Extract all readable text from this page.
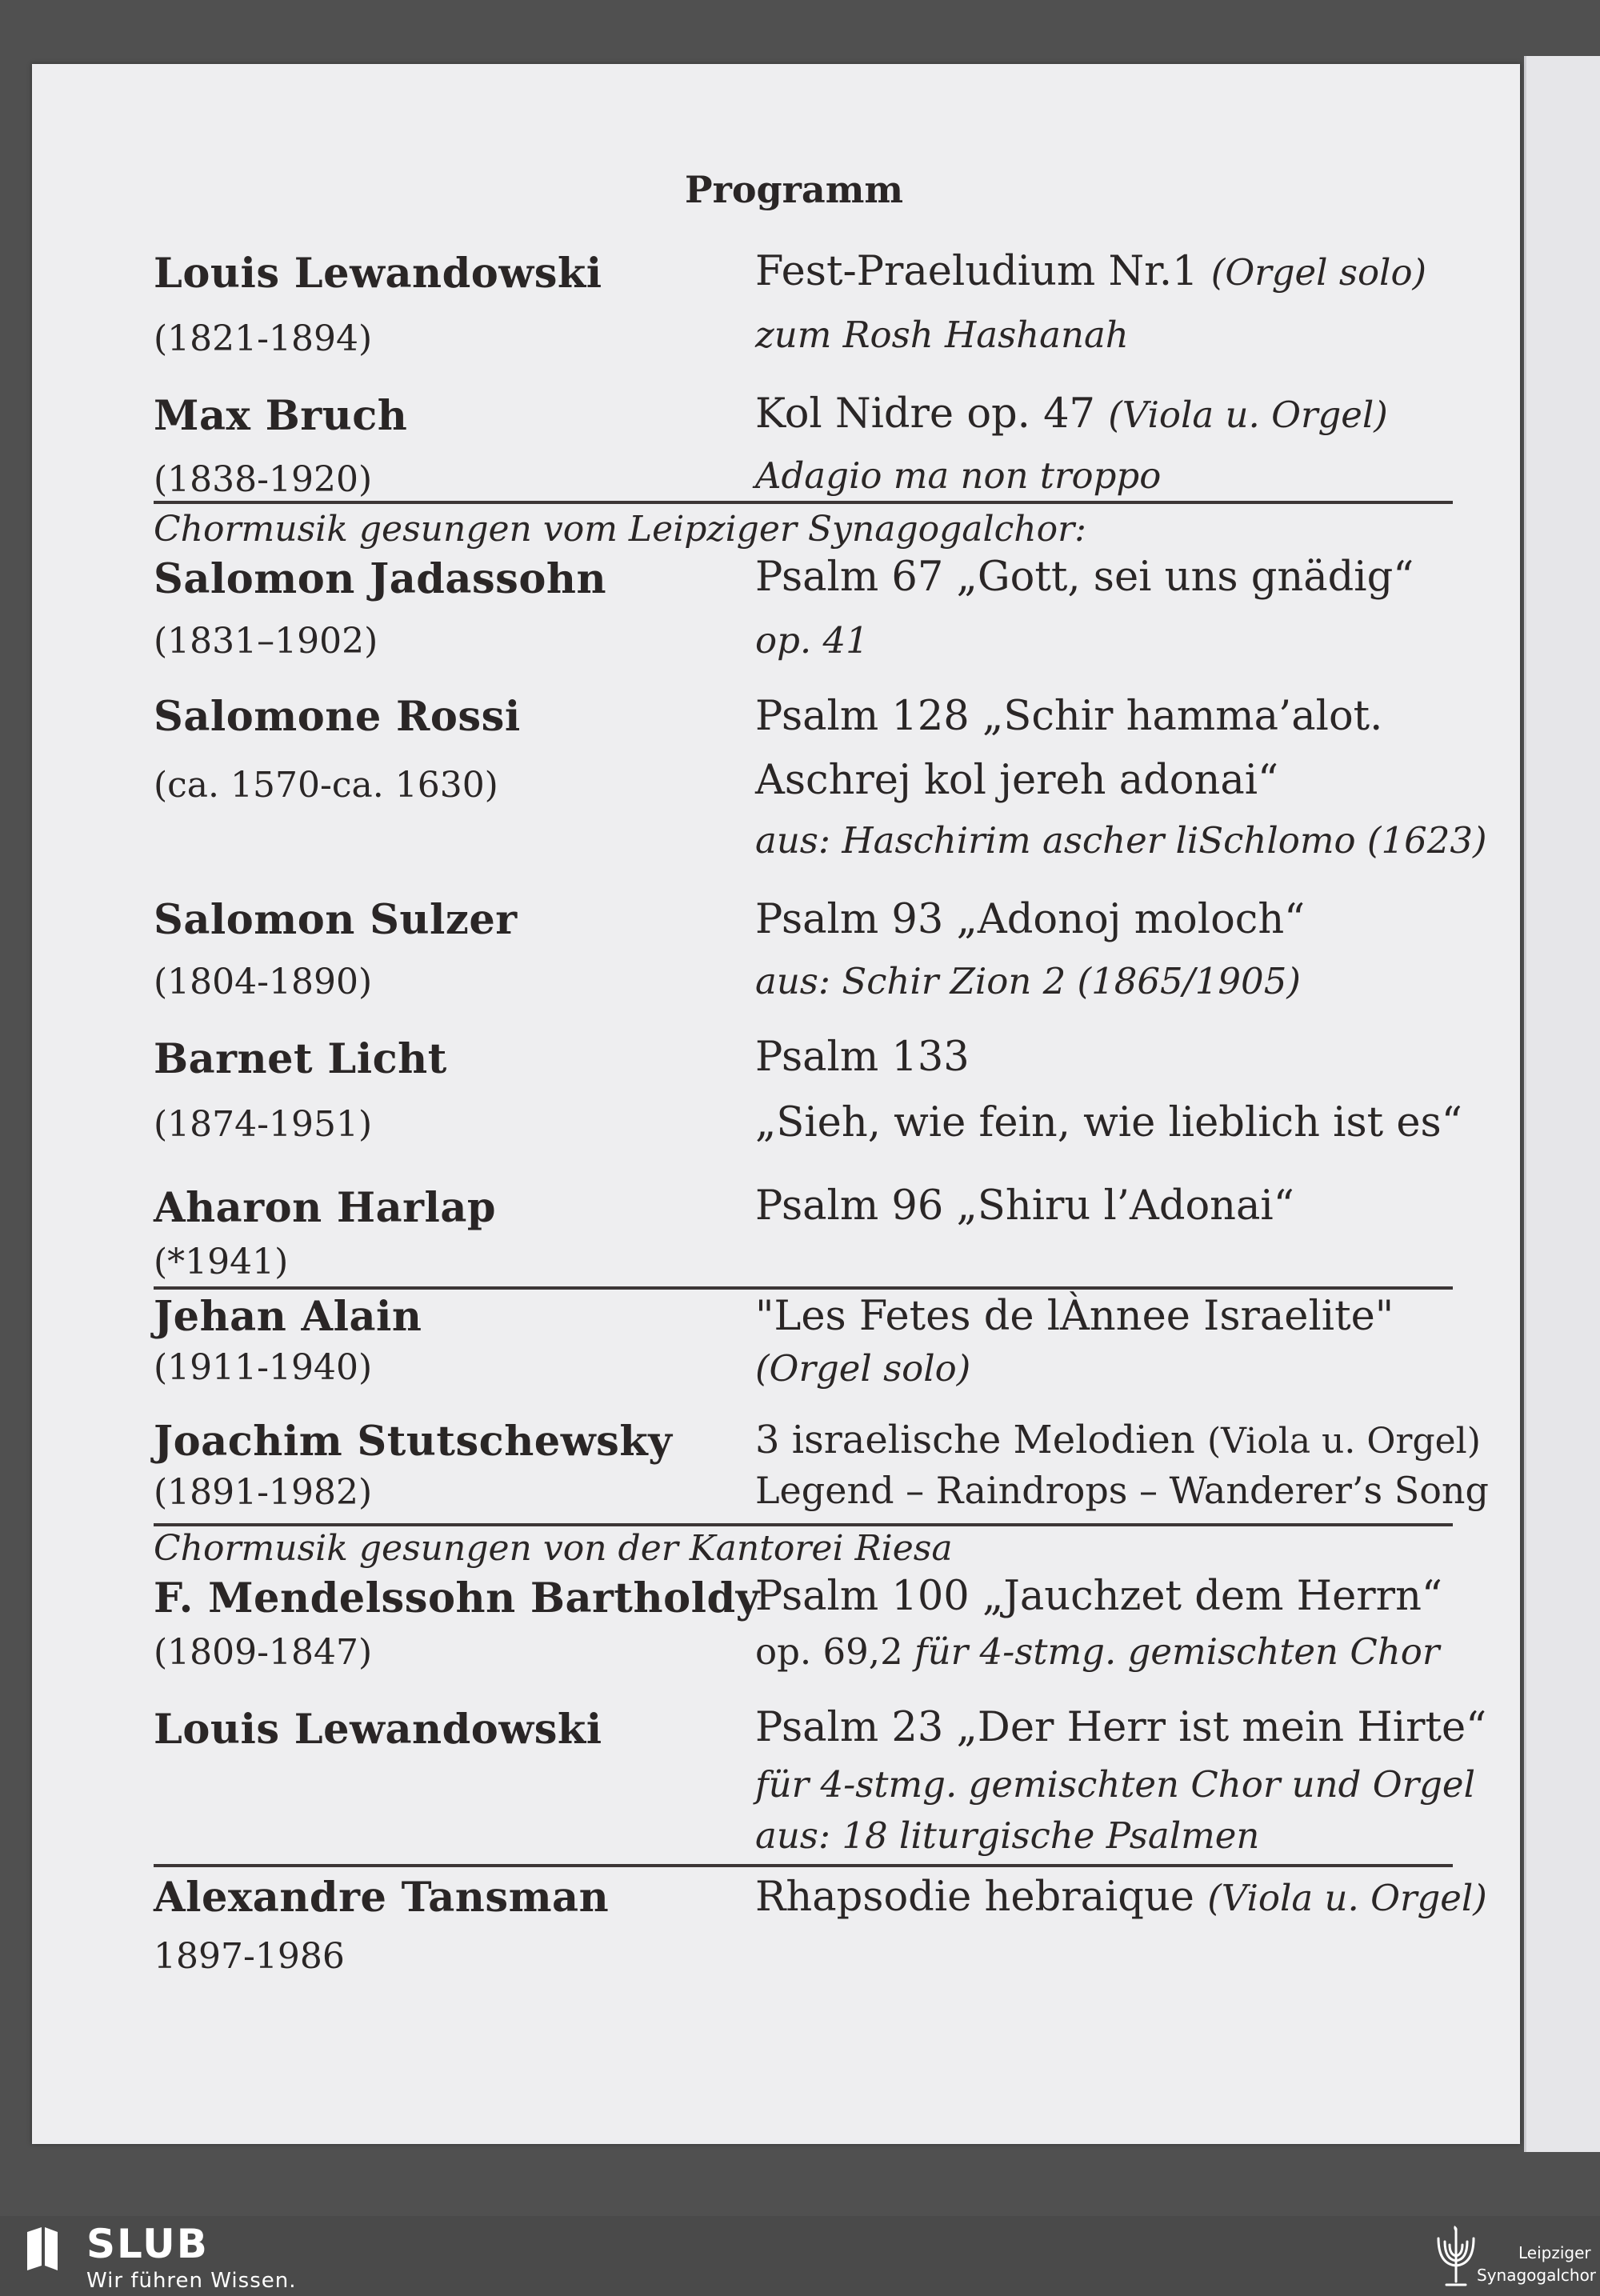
Programm
Louis Lewandowski
(1821-1894)
Fest-Praeludium Nr.1 (Orgel solo)
zum Rosh Hashanah
Max Bruch
(1838-1920)
Kol Nidre op. 47 (Viola u. Orgel)
Adagio ma non troppo
Chormusik gesungen vom Leipziger Synagogalchor:
Salomon Jadassohn
(1831–1902)
Psalm 67 „Gott, sei uns gnädig“
op. 41
Salomone Rossi
(ca. 1570-ca. 1630)
Psalm 128 „Schir hamma’alot.
Aschrej kol jereh adonai“
aus: Haschirim ascher liSchlomo (1623)
Salomon Sulzer
(1804-1890)
Psalm 93 „Adonoj moloch“
aus: Schir Zion 2 (1865/1905)
Barnet Licht
(1874-1951)
Psalm 133
„Sieh, wie fein, wie lieblich ist es“
Aharon Harlap
(*1941)
Psalm 96 „Shiru l’Adonai“
Jehan Alain
(1911-1940)
"Les Fetes de lÀnnee Israelite"
(Orgel solo)
Joachim Stutschewsky
(1891-1982)
3 israelische Melodien (Viola u. Orgel)
Legend – Raindrops – Wanderer’s Song
Chormusik gesungen von der Kantorei Riesa
F. Mendelssohn Bartholdy
(1809-1847)
Psalm 100 „Jauchzet dem Herrn“
op. 69,2 für 4-stmg. gemischten Chor
Louis Lewandowski	Psalm 23 „Der Herr ist mein Hirte“
für 4-stmg. gemischten Chor und Orgel
aus: 18 liturgische Psalmen
Alexandre Tansman
1897-1986
Rhapsodie hebraique (Viola u. Orgel)
SLUB
Wir führen Wissen.
Leipziger
Synagogalchor
